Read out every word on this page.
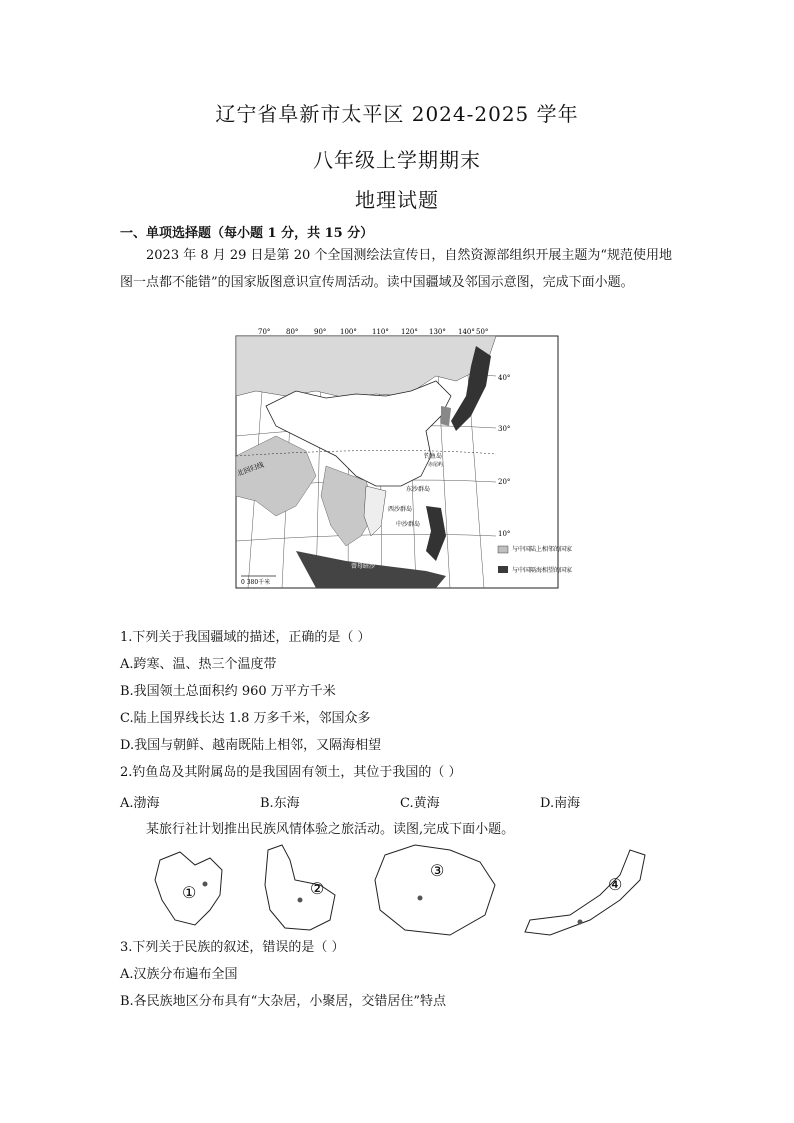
辽宁省阜新市太平区 2024-2025 学年
八年级上学期期末
地理试题
一、单项选择题（每小题 1 分，共 15 分）
2023 年 8 月 29 日是第 20 个全国测绘法宣传日，自然资源部组织开展主题为“规范使用地图一点都不能错”的国家版图意识宣传周活动。读中国疆域及邻国示意图，完成下面小题。
70° 80° 90° 100° 110° 120° 130° 140° 50°
40°
30°
20°
10°
北回归线
钓鱼岛
赤尾屿
东沙群岛
西沙群岛
中沙群岛
南沙群岛
曾母暗沙
0 380千米
与中国陆上相邻的国家
与中国隔海相望的国家
1.下列关于我国疆域的描述，正确的是（ ）
A.跨寒、温、热三个温度带
B.我国领土总面积约 960 万平方千米
C.陆上国界线长达 1.8 万多千米，邻国众多
D.我国与朝鲜、越南既陆上相邻，又隔海相望
2.钓鱼岛及其附属岛的是我国固有领土，其位于我国的（ ）
A.渤海	B.东海	C.黄海	D.南海
某旅行社计划推出民族风情体验之旅活动。读图,完成下面小题。
①	②
③
④
3.下列关于民族的叙述，错误的是（ ）
A.汉族分布遍布全国
B.各民族地区分布具有“大杂居，小聚居，交错居住”特点
